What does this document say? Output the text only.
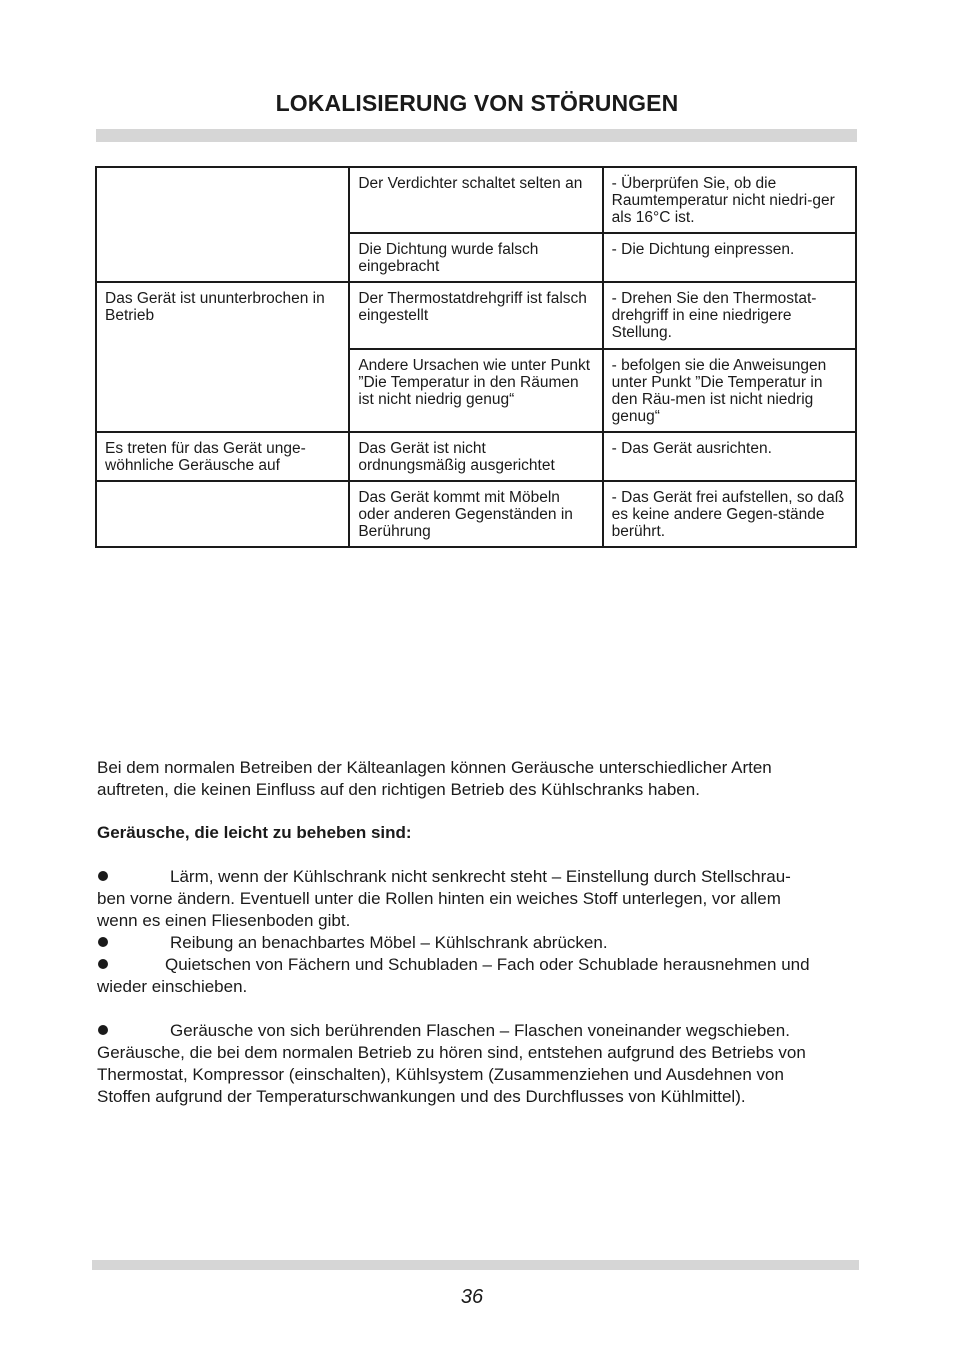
LOKALISIERUNG VON STÖRUNGEN
	Der Verdichter schaltet selten an	- Überprüfen Sie, ob die Raumtemperatur nicht niedri-ger als 16°C ist.
	Die Dichtung wurde falsch eingebracht	- Die Dichtung einpressen.
Das Gerät ist ununterbrochen in Betrieb	Der Thermostatdrehgriff ist falsch eingestellt	- Drehen Sie den Thermostat-drehgriff in eine niedrigere Stellung.
	Andere Ursachen wie unter Punkt ”Die Temperatur in den Räumen ist nicht niedrig genug“	- befolgen sie die Anweisungen unter Punkt ”Die Temperatur in den Räu-men ist nicht niedrig genug“
Es treten für das Gerät unge-wöhnliche Geräusche auf	Das Gerät ist nicht ordnungsmäßig ausgerichtet	- Das Gerät ausrichten.
	Das Gerät kommt mit Möbeln oder anderen Gegenständen in Berührung	- Das Gerät frei aufstellen, so daß es keine andere Gegen-stände berührt.
Bei dem normalen Betreiben der Kälteanlagen können Geräusche unterschiedlicher Arten
auftreten, die keinen Einfluss auf den richtigen Betrieb des Kühlschranks haben.
Geräusche, die leicht zu beheben sind:
Lärm, wenn der Kühlschrank nicht senkrecht steht – Einstellung durch Stellschrau-
ben vorne ändern. Eventuell unter die Rollen hinten ein weiches Stoff unterlegen, vor allem
wenn es einen Fliesenboden gibt.
Reibung an benachbartes Möbel – Kühlschrank abrücken.
Quietschen von Fächern und Schubladen – Fach oder Schublade herausnehmen und
wieder einschieben.
Geräusche von sich berührenden Flaschen – Flaschen voneinander wegschieben.
Geräusche, die bei dem normalen Betrieb zu hören sind, entstehen aufgrund des Betriebs von
Thermostat, Kompressor (einschalten), Kühlsystem (Zusammenziehen und Ausdehnen von
Stoffen aufgrund der Temperaturschwankungen und des Durchflusses von Kühlmittel).
36
